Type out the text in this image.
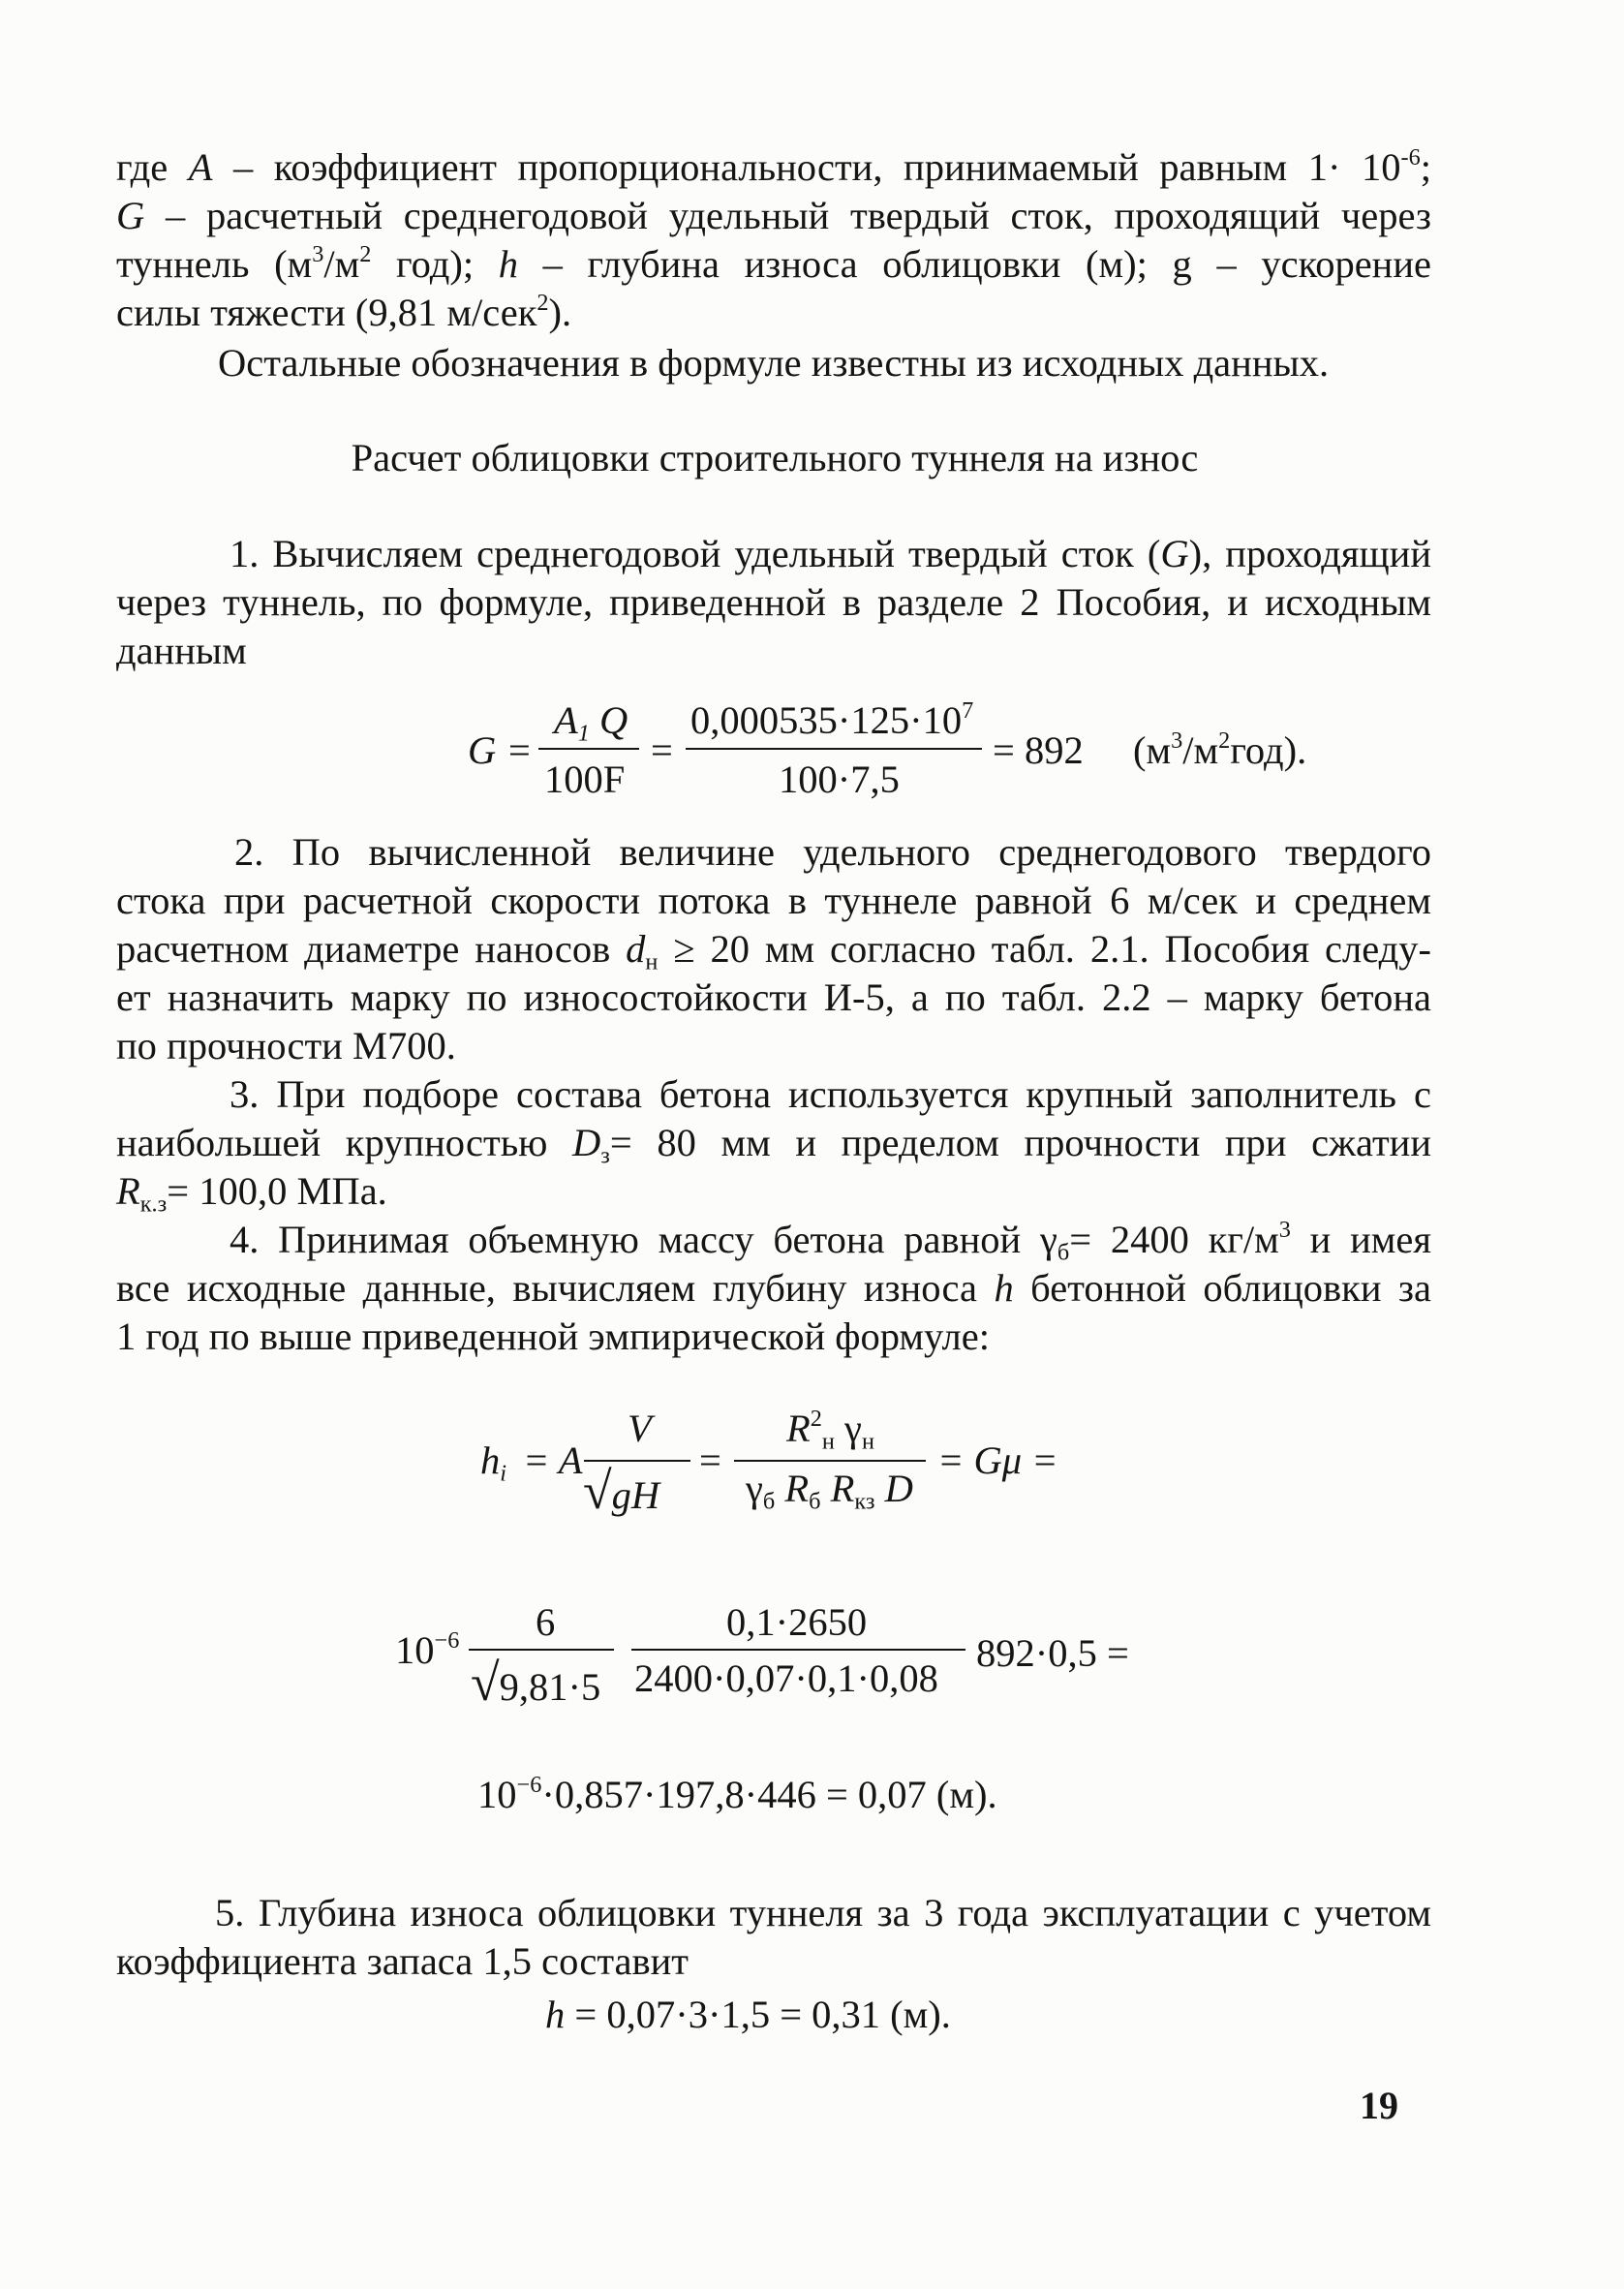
где A – коэффициент пропорциональности, принимаемый равным $1\cdot 10^{-6}$;
G – расчетный среднегодовой удельный твердый сток, проходящий через
туннель ($м^3/м^2$ год); h – глубина износа облицовки (м); g – ускорение
силы тяжести (9,81 м/сек$^2$).
Остальные обозначения в формуле известны из исходных данных.
Расчет облицовки строительного туннеля на износ
1. Вычисляем среднегодовой удельный твердый сток (G), проходящий
через туннель, по формуле, приведенной в разделе 2 Пособия, и исходным
данным
G =
$A_1$ Q
100F
=
$0,000535\cdot 125\cdot 10^7$
100·7,5
= 892 $(м^3/м^2год)$.
2. По вычисленной величине удельного среднегодового твердого
стока при расчетной скорости потока в туннеле равной 6 м/сек и среднем
расчетном диаметре наносов $d_н \ge 20$ мм согласно табл. 2.1. Пособия следу-
ет назначить марку по износостойкости И-5, а по табл. 2.2 – марку бетона
по прочности М700.
3. При подборе состава бетона используется крупный заполнитель с
наибольшей крупностью $D_з= 80$ мм и пределом прочности при сжатии
$R_{к.з}= 100,0$ МПа.
4. Принимая объемную массу бетона равной $\gamma_б= 2400$ $кг/м^3$ и имея
все исходные данные, вычисляем глубину износа h бетонной облицовки за
1 год по выше приведенной эмпирической формуле:
$h_i = A$
V
√gH
=
$R^2_н$ $\gamma_н$
$\gamma_б$ $R_б$ $R_{кз}$ D
= Gμ =
$10^{-6}$ 6
√9,81·5
0,1·2650
2400·0,07·0,1·0,08
892·0,5 =
$10^{-6}\cdot 0,857\cdot 197,8\cdot 446 = 0,07$ (м).
5. Глубина износа облицовки туннеля за 3 года эксплуатации с учетом
коэффициента запаса 1,5 составит
h = 0,07·3·1,5 = 0,31 (м).
19
